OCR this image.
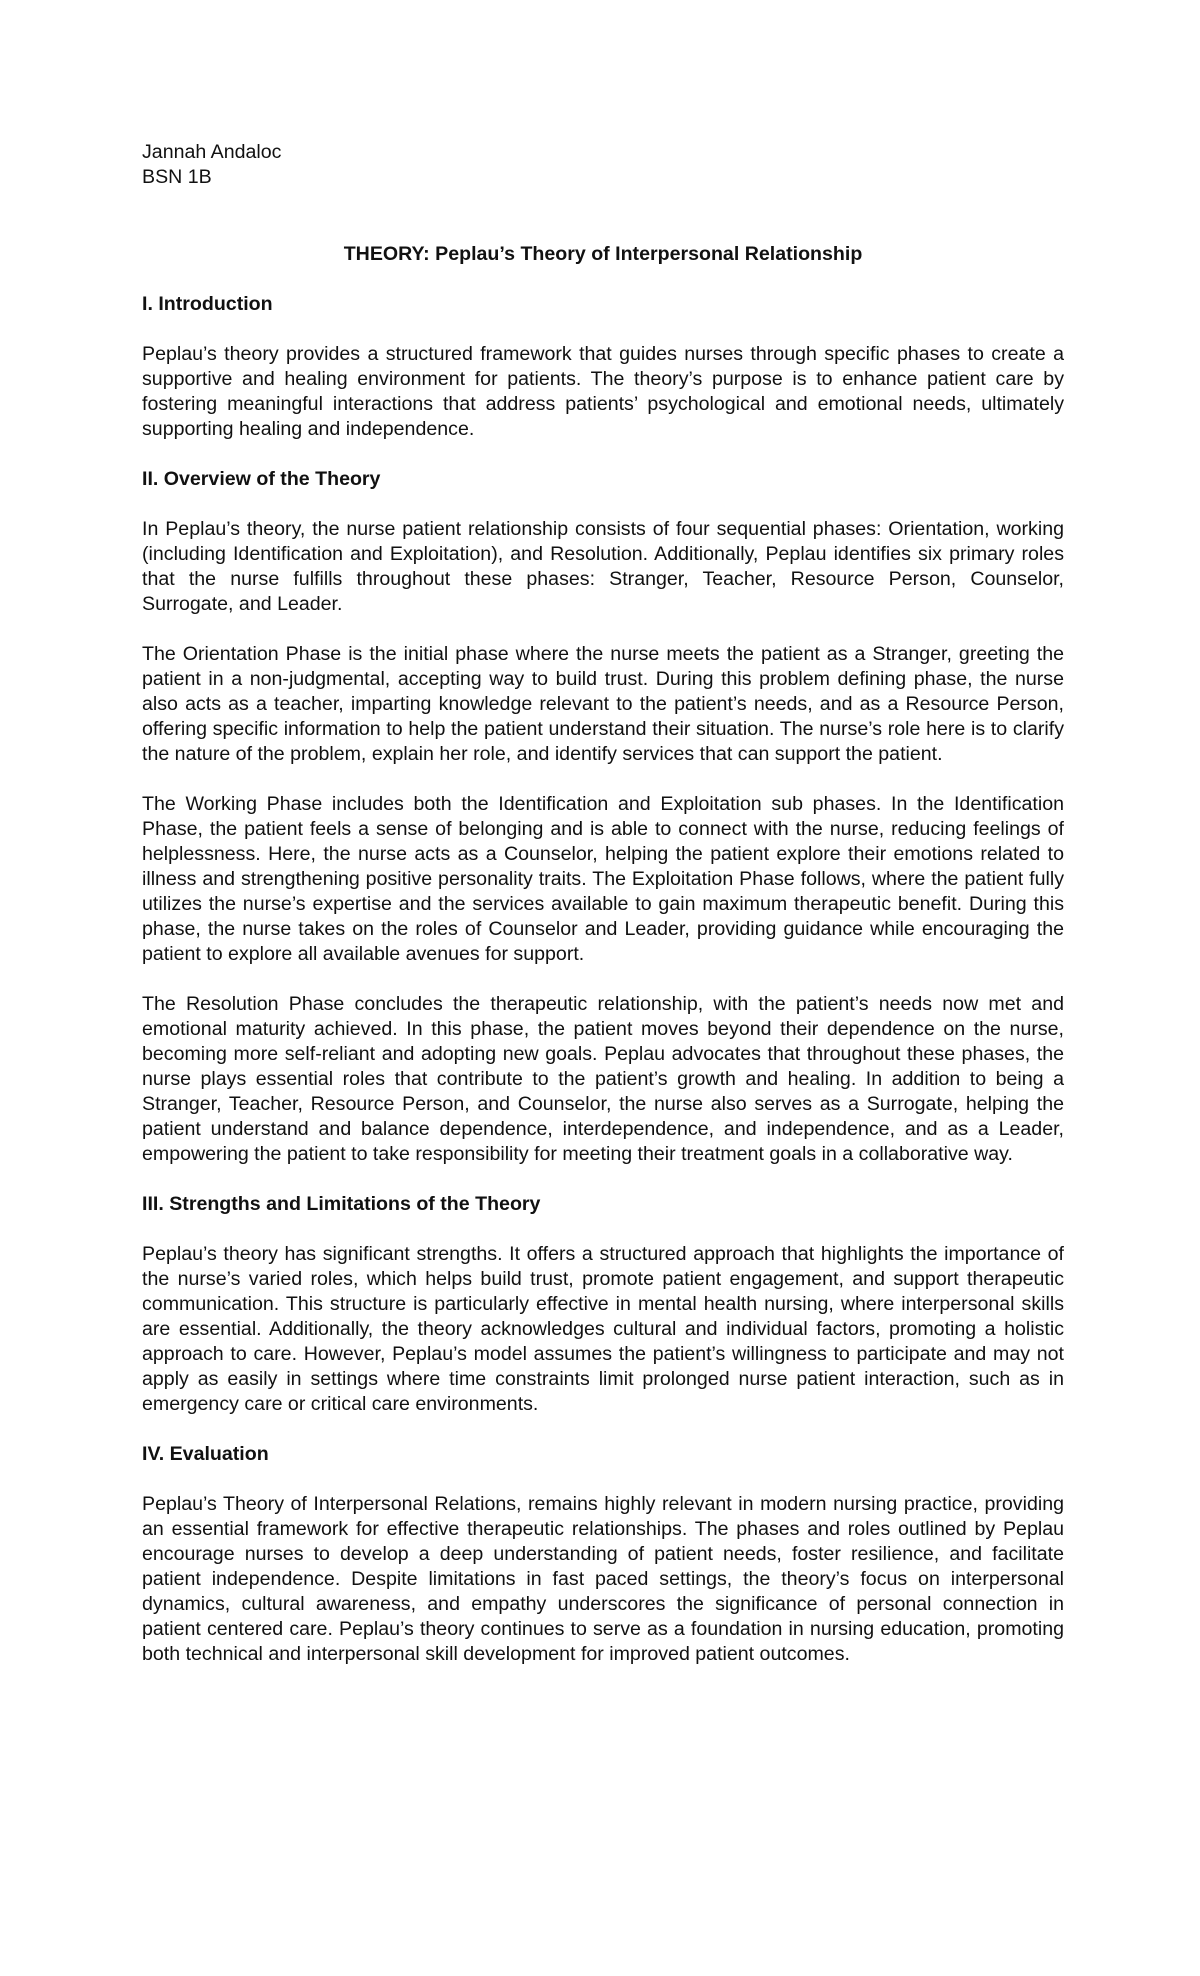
Jannah Andaloc
BSN 1B
THEORY: Peplau’s Theory of Interpersonal Relationship
I. Introduction

Peplau’s theory provides a structured framework that guides nurses through specific phases to create a supportive and healing environment for patients. The theory’s purpose is to enhance patient care by fostering meaningful interactions that address patients’ psychological and emotional needs, ultimately supporting healing and independence.

II. Overview of the Theory

In Peplau’s theory, the nurse patient relationship consists of four sequential phases: Orientation, working (including Identification and Exploitation), and Resolution. Additionally, Peplau identifies six primary roles that the nurse fulfills throughout these phases: Stranger, Teacher, Resource Person, Counselor, Surrogate, and Leader.

The Orientation Phase is the initial phase where the nurse meets the patient as a Stranger, greeting the patient in a non-judgmental, accepting way to build trust. During this problem defining phase, the nurse also acts as a teacher, imparting knowledge relevant to the patient’s needs, and as a Resource Person, offering specific information to help the patient understand their situation. The nurse’s role here is to clarify the nature of the problem, explain her role, and identify services that can support the patient.

The Working Phase includes both the Identification and Exploitation sub phases. In the Identification Phase, the patient feels a sense of belonging and is able to connect with the nurse, reducing feelings of helplessness. Here, the nurse acts as a Counselor, helping the patient explore their emotions related to illness and strengthening positive personality traits. The Exploitation Phase follows, where the patient fully utilizes the nurse’s expertise and the services available to gain maximum therapeutic benefit. During this phase, the nurse takes on the roles of Counselor and Leader, providing guidance while encouraging the patient to explore all available avenues for support.

The Resolution Phase concludes the therapeutic relationship, with the patient’s needs now met and emotional maturity achieved. In this phase, the patient moves beyond their dependence on the nurse, becoming more self-reliant and adopting new goals. Peplau advocates that throughout these phases, the nurse plays essential roles that contribute to the patient’s growth and healing. In addition to being a Stranger, Teacher, Resource Person, and Counselor, the nurse also serves as a Surrogate, helping the patient understand and balance dependence, interdependence, and independence, and as a Leader, empowering the patient to take responsibility for meeting their treatment goals in a collaborative way.

III. Strengths and Limitations of the Theory

Peplau’s theory has significant strengths. It offers a structured approach that highlights the importance of the nurse’s varied roles, which helps build trust, promote patient engagement, and support therapeutic communication. This structure is particularly effective in mental health nursing, where interpersonal skills are essential. Additionally, the theory acknowledges cultural and individual factors, promoting a holistic approach to care. However, Peplau’s model assumes the patient’s willingness to participate and may not apply as easily in settings where time constraints limit prolonged nurse patient interaction, such as in emergency care or critical care environments.

IV. Evaluation

Peplau’s Theory of Interpersonal Relations, remains highly relevant in modern nursing practice, providing an essential framework for effective therapeutic relationships. The phases and roles outlined by Peplau encourage nurses to develop a deep understanding of patient needs, foster resilience, and facilitate patient independence. Despite limitations in fast paced settings, the theory’s focus on interpersonal dynamics, cultural awareness, and empathy underscores the significance of personal connection in patient centered care. Peplau’s theory continues to serve as a foundation in nursing education, promoting both technical and interpersonal skill development for improved patient outcomes.
